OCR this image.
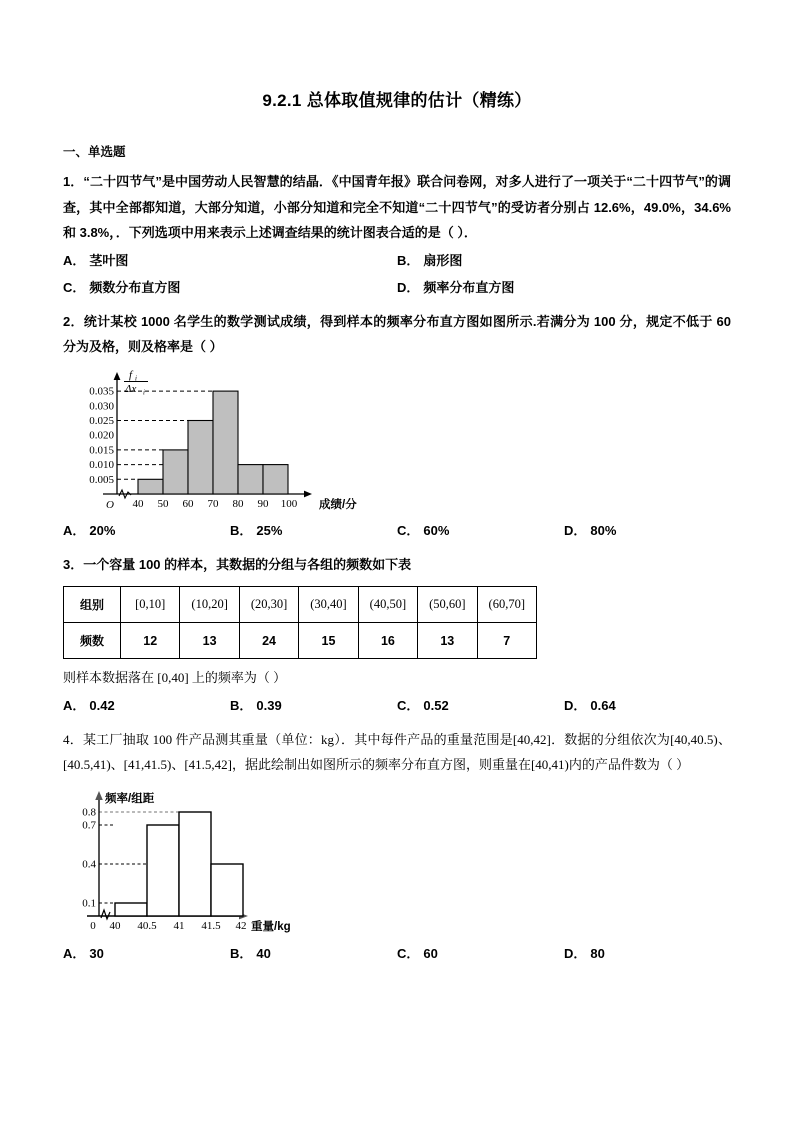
9.2.1 总体取值规律的估计（精练）
一、单选题
1．“二十四节气”是中国劳动人民智慧的结晶．《中国青年报》联合问卷网，对多人进行了一项关于“二十四节气”的调查，其中全部都知道，大部分知道，小部分知道和完全不知道“二十四节气”的受访者分别占 12.6%，49.0%，34.6%和 3.8%，．下列选项中用来表示上述调查结果的统计图表合适的是（ ）．
A． 茎叶图	B． 扇形图
C． 频数分布直方图	D． 频率分布直方图
2．统计某校 1000 名学生的数学测试成绩，得到样本的频率分布直方图如图所示.若满分为 100 分，规定不低于 60 分为及格，则及格率是（ ）
0.005
0.010
0.015
0.020
0.025
0.030
0.035
40 50 60 70 80 90 100
O	成绩/分
f i
Δx i
A． 20%	B． 25%	C． 60%	D． 80%
3．一个容量 100 的样本，其数据的分组与各组的频数如下表
组别	[0,10]	(10,20]	(20,30]	(30,40]	(40,50]	(50,60]	(60,70]
频数	12	13	24	15	16	13	7
则样本数据落在 [0,40] 上的频率为（ ）
A． 0.42	B． 0.39	C． 0.52	D． 0.64
4．某工厂抽取 100 件产品测其重量（单位：kg）．其中每件产品的重量范围是[40,42]．数据的分组依次为[40,40.5)、[40.5,41)、[41,41.5)、[41.5,42]，据此绘制出如图所示的频率分布直方图，则重量在[40,41)内的产品件数为（ ）
0.1
0.4
0.7
0.8
40 40.5 41 41.5 42
0	重量/kg
频率/组距
A． 30	B． 40	C． 60	D． 80
